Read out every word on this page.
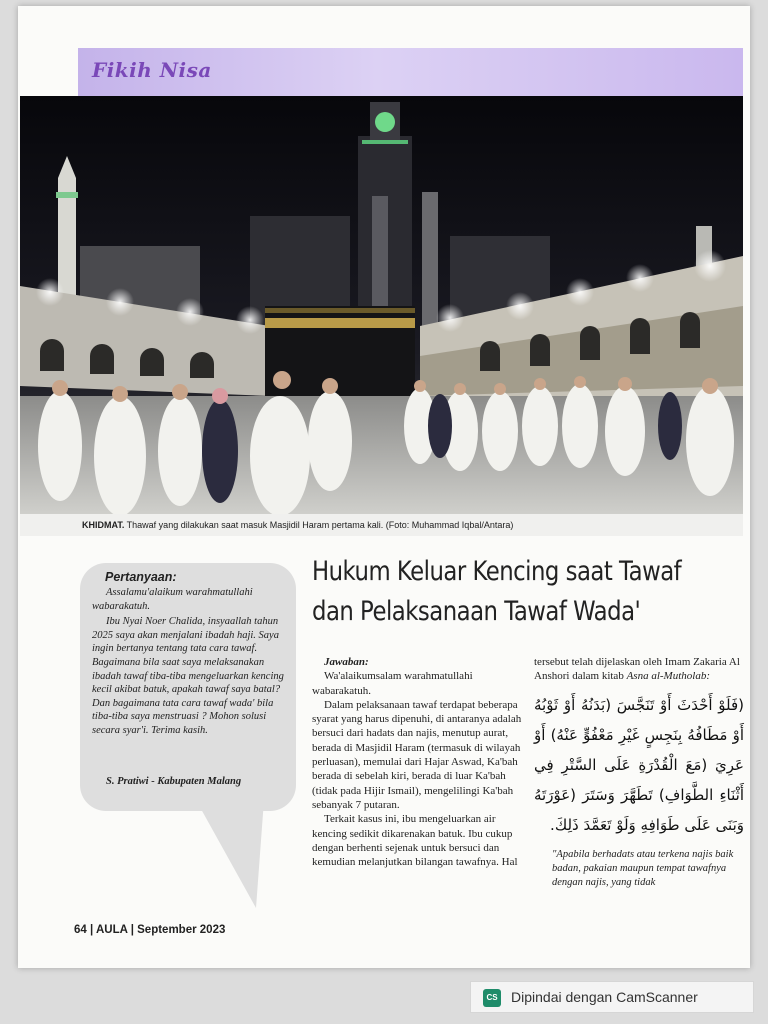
Fikih Nisa
KHIDMAT. Thawaf yang dilakukan saat masuk Masjidil Haram pertama kali. (Foto: Muhammad Iqbal/Antara)
Pertanyaan:

Assalamu'alaikum warahmatullahi wabarakatuh.

Ibu Nyai Noer Chalida, insyaallah tahun 2025 saya akan menjalani ibadah haji. Saya ingin bertanya tentang tata cara tawaf. Bagaimana bila saat saya melaksanakan ibadah tawaf tiba-tiba mengeluarkan kencing kecil akibat batuk, apakah tawaf saya batal? Dan bagaimana tata cara tawaf wada' bila tiba-tiba saya menstruasi ? Mohon solusi secara syar'i. Terima kasih.

S. Pratiwi - Kabupaten Malang
Hukum Keluar Kencing saat Tawaf
dan Pelaksanaan Tawaf Wada'
Jawaban:

Wa'alaikumsalam warahmatullahi wabarakatuh.

Dalam pelaksanaan tawaf terdapat beberapa syarat yang harus dipenuhi, di antaranya adalah bersuci dari hadats dan najis, menutup aurat, berada di Masjidil Haram (termasuk di wilayah perluasan), memulai dari Hajar Aswad, Ka'bah berada di sebelah kiri, berada di luar Ka'bah (tidak pada Hijir Ismail), mengelilingi Ka'bah sebanyak 7 putaran.

Terkait kasus ini, ibu mengeluarkan air kencing sedikit dikarenakan batuk. Ibu cukup dengan berhenti sejenak untuk bersuci dan kemudian melanjutkan bilangan tawafnya. Hal

tersebut telah dijelaskan oleh Imam Zakaria Al Anshori dalam kitab Asna al-Mutholab:

(فَلَوْ أَحْدَثَ أَوْ تَنَجَّسَ (بَدَنُهُ أَوْ ثَوْبُهُ أَوْ مَطَافُهُ بِنَجِسٍ غَيْرِ مَعْفُوٍّ عَنْهُ) أَوْ عَرِيَ (مَعَ الْقُدْرَةِ عَلَى السَّتْرِ فِي أَثْنَاءِ الطَّوَافِ) تَطَهَّرَ وَسَتَرَ (عَوْرَتَهُ وَبَنَى عَلَى طَوَافِهِ وَلَوْ تَعَمَّدَ ذَلِكَ.
"Apabila berhadats atau terkena najis baik badan, pakaian maupun tempat tawafnya dengan najis, yang tidak
64 | AULA | September 2023
CS Dipindai dengan CamScanner
